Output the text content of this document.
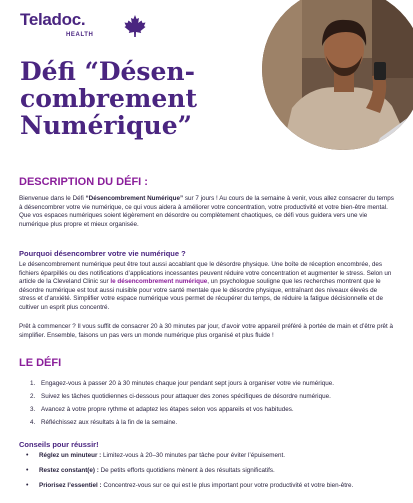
Teladoc.
HEALTH
Défi “Désen-combrement Numérique”
DESCRIPTION DU DÉFI :

Bienvenue dans le Défi “Désencombrement Numérique” sur 7 jours ! Au cours de la semaine à venir, vous allez consacrer du temps à désencombrer votre vie numérique, ce qui vous aidera à améliorer votre concentration, votre productivité et votre bien-être mental. Que vos espaces numériques soient légèrement en désordre ou complètement chaotiques, ce défi vous guidera vers une vie numérique plus propre et mieux organisée.

Pourquoi désencombrer votre vie numérique ?

Le désencombrement numérique peut être tout aussi accablant que le désordre physique. Une boîte de réception encombrée, des fichiers éparpillés ou des notifications d’applications incessantes peuvent réduire votre concentration et augmenter le stress. Selon un article de la Cleveland Clinic sur le désencombrement numérique, un psychologue souligne que les recherches montrent que le désordre numérique est tout aussi nuisible pour votre santé mentale que le désordre physique, entraînant des niveaux élevés de stress et d’anxiété. Simplifier votre espace numérique vous permet de récupérer du temps, de réduire la fatigue décisionnelle et de cultiver un esprit plus concentré.

Prêt à commencer ? Il vous suffit de consacrer 20 à 30 minutes par jour, d’avoir votre appareil préféré à portée de main et d’être prêt à simplifier. Ensemble, faisons un pas vers un monde numérique plus organisé et plus fluide !

LE DÉFI
1. Engagez-vous à passer 20 à 30 minutes chaque jour pendant sept jours à organiser votre vie numérique.
2. Suivez les tâches quotidiennes ci-dessous pour attaquer des zones spécifiques de désordre numérique.
3. Avancez à votre propre rythme et adaptez les étapes selon vos appareils et vos habitudes.
4. Réfléchissez aux résultats à la fin de la semaine.
Conseils pour réussir!
• Réglez un minuteur : Limitez-vous à 20–30 minutes par tâche pour éviter l’épuisement.
• Restez constant(e) : De petits efforts quotidiens mènent à des résultats significatifs.
• Priorisez l’essentiel : Concentrez-vous sur ce qui est le plus important pour votre productivité et votre bien-être.
